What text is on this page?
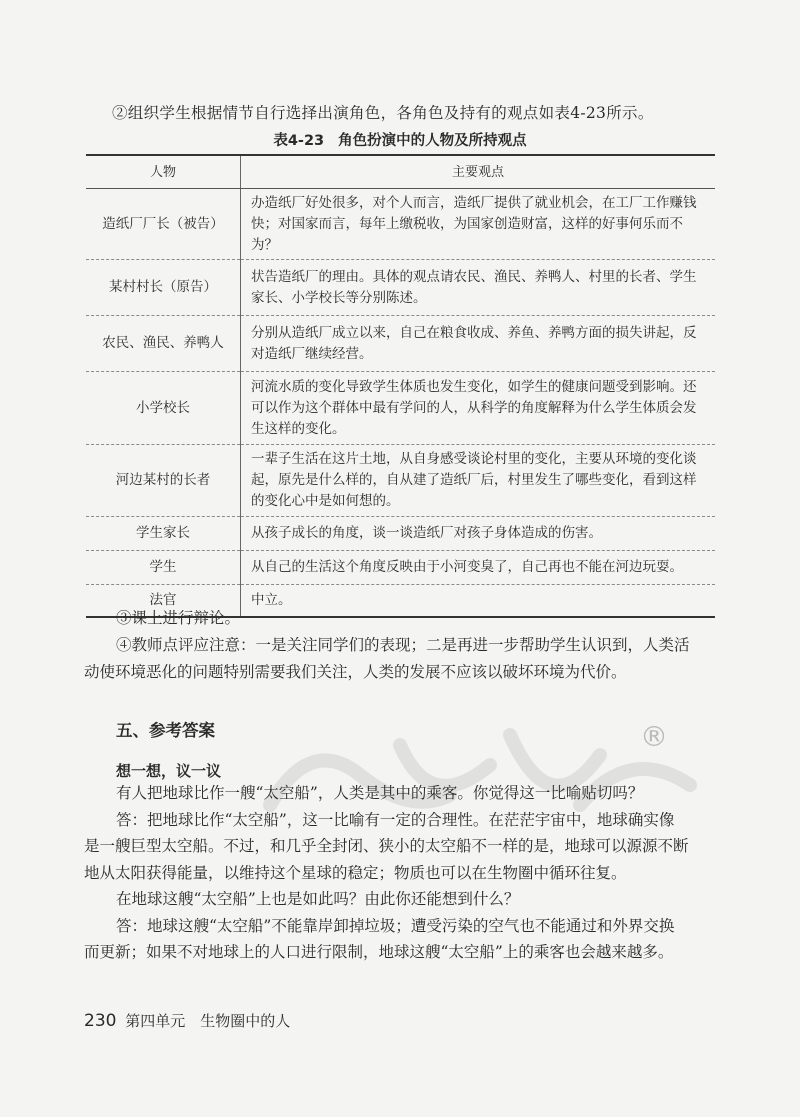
®
②组织学生根据情节自行选择出演角色，各角色及持有的观点如表4-23所示。
表4-23 角色扮演中的人物及所持观点
人物	主要观点
造纸厂厂长（被告）	办造纸厂好处很多，对个人而言，造纸厂提供了就业机会，在工厂工作赚钱快；对国家而言，每年上缴税收，为国家创造财富，这样的好事何乐而不为？
某村村长（原告）	状告造纸厂的理由。具体的观点请农民、渔民、养鸭人、村里的长者、学生家长、小学校长等分别陈述。
农民、渔民、养鸭人	分别从造纸厂成立以来，自己在粮食收成、养鱼、养鸭方面的损失讲起，反对造纸厂继续经营。
小学校长	河流水质的变化导致学生体质也发生变化，如学生的健康问题受到影响。还可以作为这个群体中最有学问的人，从科学的角度解释为什么学生体质会发生这样的变化。
河边某村的长者	一辈子生活在这片土地，从自身感受谈论村里的变化，主要从环境的变化谈起，原先是什么样的，自从建了造纸厂后，村里发生了哪些变化，看到这样的变化心中是如何想的。
学生家长	从孩子成长的角度，谈一谈造纸厂对孩子身体造成的伤害。
学生	从自己的生活这个角度反映由于小河变臭了，自己再也不能在河边玩耍。
法官	中立。

③课上进行辩论。

④教师点评应注意：一是关注同学们的表现；二是再进一步帮助学生认识到，人类活

动使环境恶化的问题特别需要我们关注，人类的发展不应该以破坏环境为代价。

五、参考答案
想一想，议一议

有人把地球比作一艘“太空船”，人类是其中的乘客。你觉得这一比喻贴切吗？

答：把地球比作“太空船”，这一比喻有一定的合理性。在茫茫宇宙中，地球确实像

是一艘巨型太空船。不过，和几乎全封闭、狭小的太空船不一样的是，地球可以源源不断

地从太阳获得能量，以维持这个星球的稳定；物质也可以在生物圈中循环往复。

在地球这艘“太空船”上也是如此吗？由此你还能想到什么？

答：地球这艘“太空船”不能靠岸卸掉垃圾；遭受污染的空气也不能通过和外界交换

而更新；如果不对地球上的人口进行限制，地球这艘“太空船”上的乘客也会越来越多。

230 第四单元　生物圈中的人
